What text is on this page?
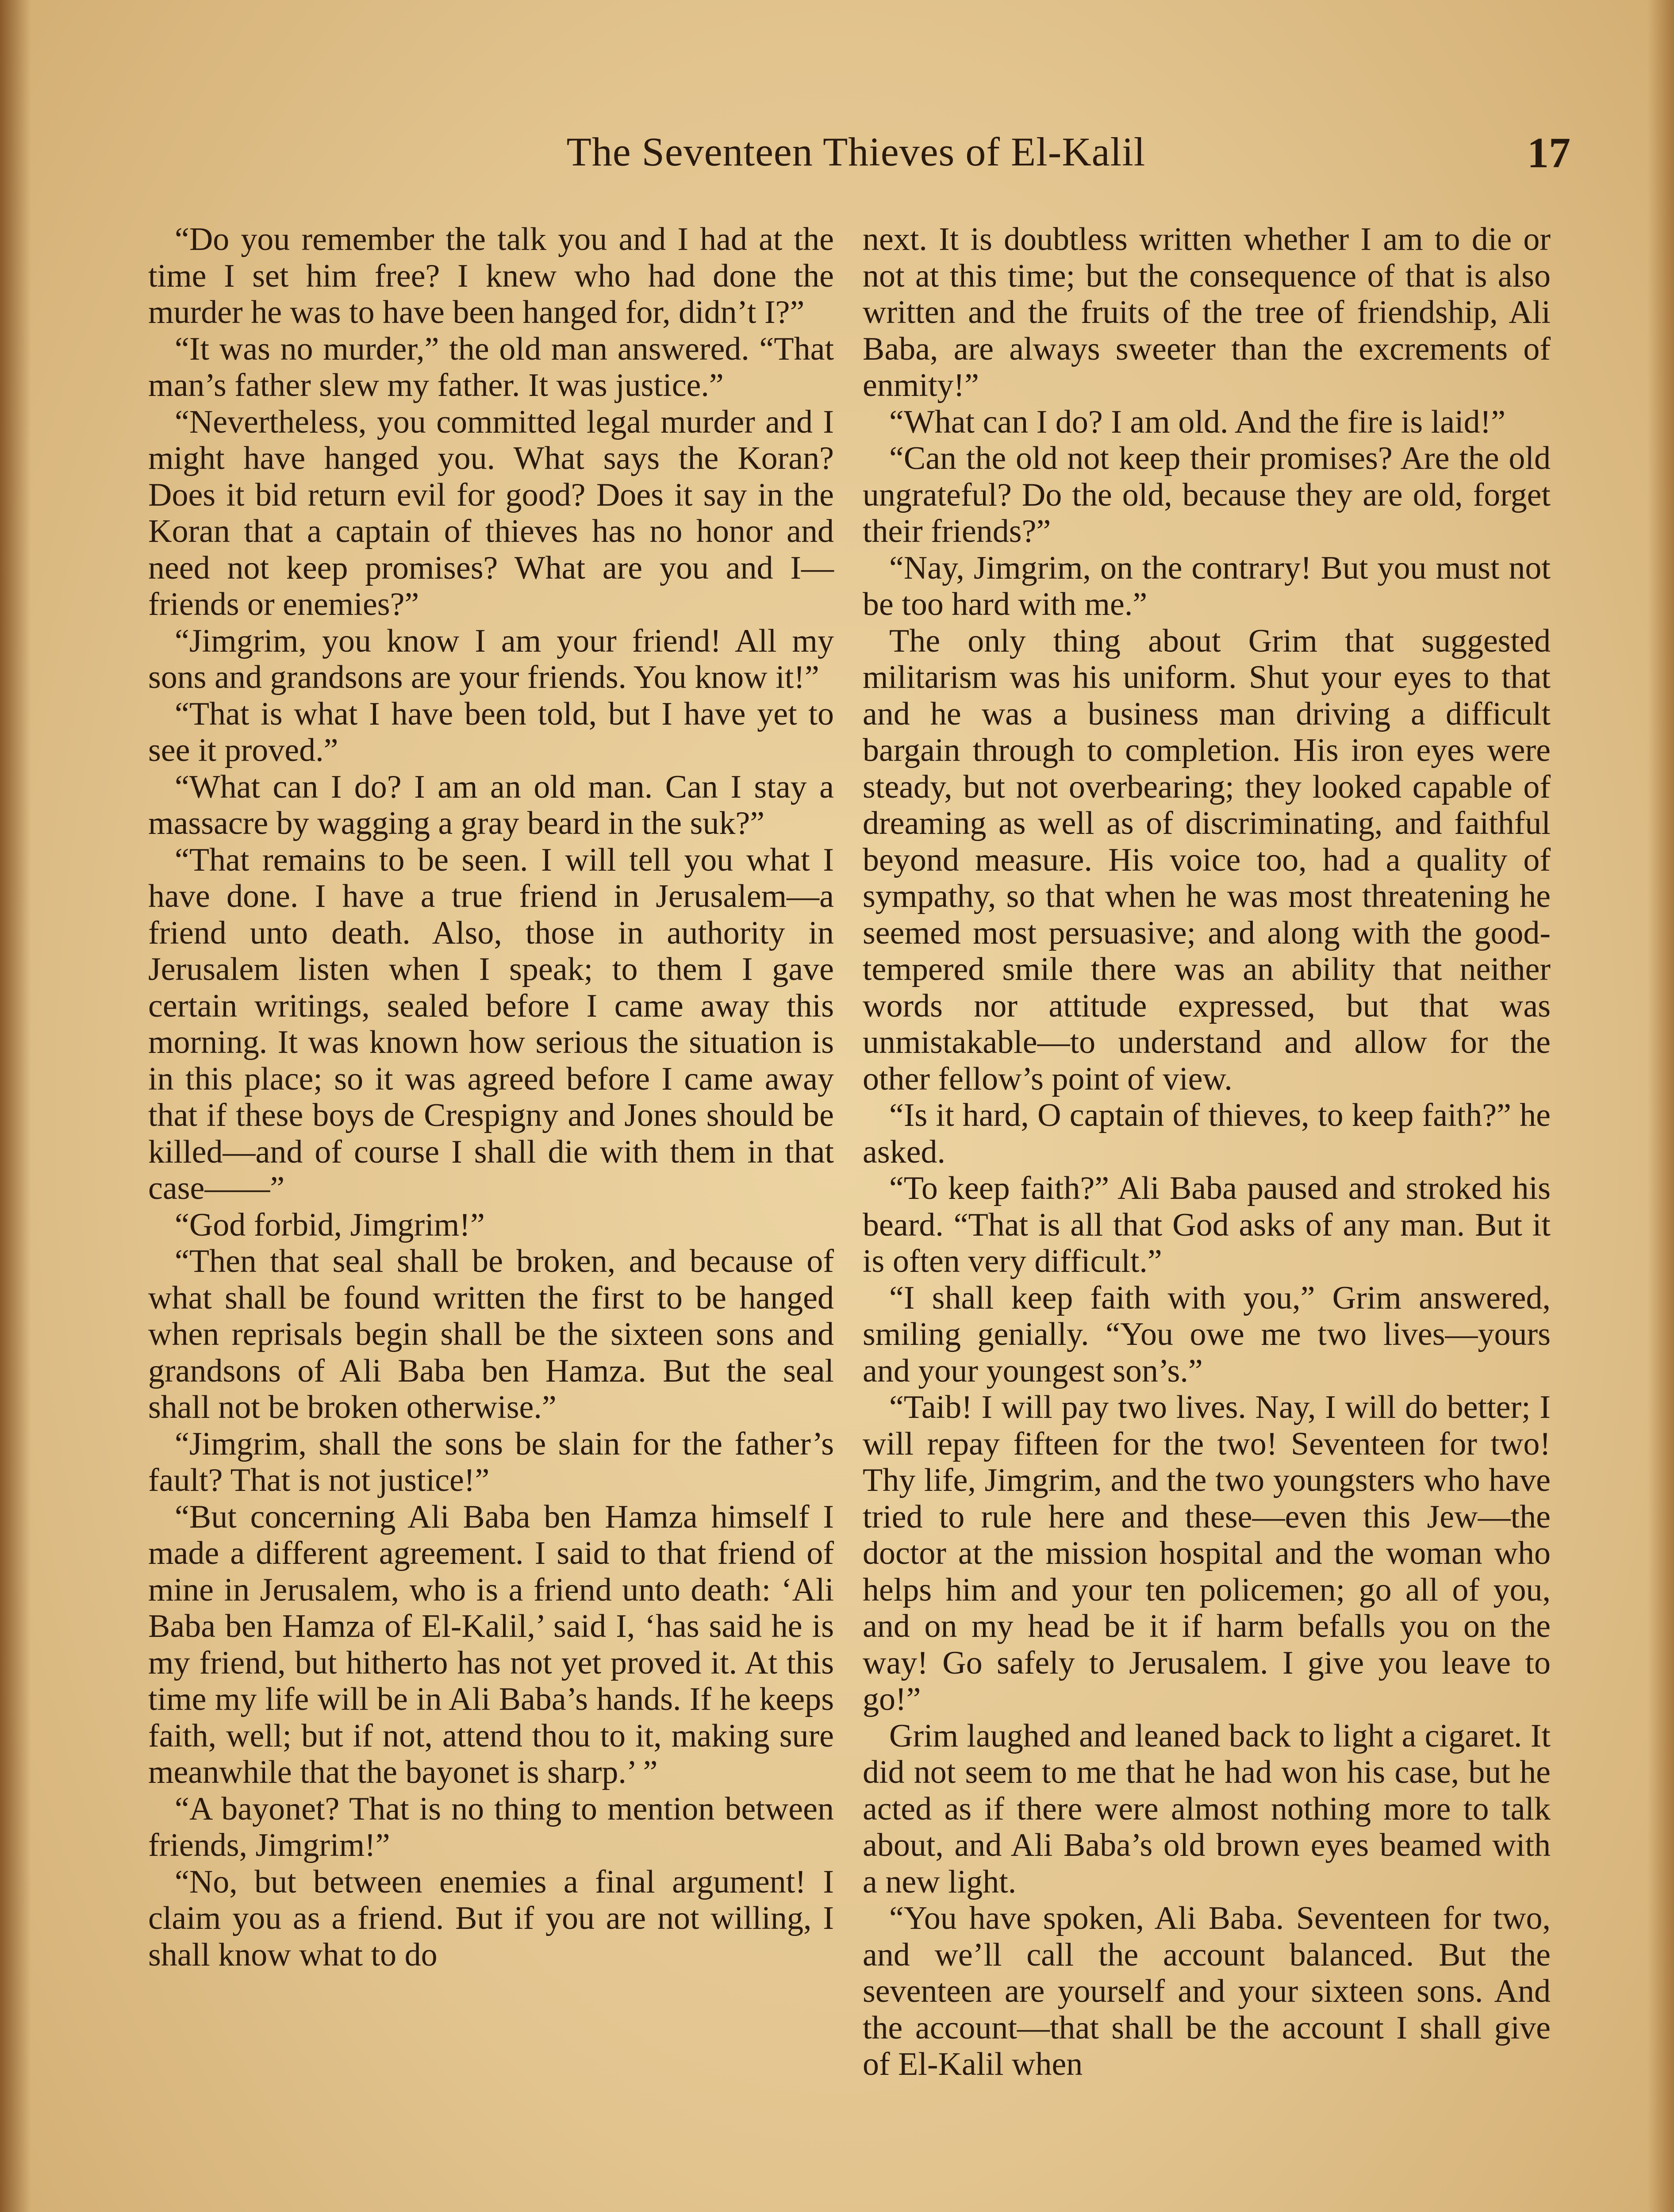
The Seventeen Thieves of El-Kalil	17

“Do you remember the talk you and I had at the time I set him free? I knew who had done the murder he was to have been hanged for, didn’t I?”

“It was no murder,” the old man answered. “That man’s father slew my father. It was justice.”

“Nevertheless, you committed legal murder and I might have hanged you. What says the Koran? Does it bid return evil for good? Does it say in the Koran that a captain of thieves has no honor and need not keep promises? What are you and I—friends or enemies?”

“Jimgrim, you know I am your friend! All my sons and grandsons are your friends. You know it!”

“That is what I have been told, but I have yet to see it proved.”

“What can I do? I am an old man. Can I stay a massacre by wagging a gray beard in the suk?”

“That remains to be seen. I will tell you what I have done. I have a true friend in Jerusalem—a friend unto death. Also, those in authority in Jerusalem listen when I speak; to them I gave certain writings, sealed before I came away this morning. It was known how serious the situation is in this place; so it was agreed before I came away that if these boys de Crespigny and Jones should be killed—and of course I shall die with them in that case——”

“God forbid, Jimgrim!”

“Then that seal shall be broken, and because of what shall be found written the first to be hanged when reprisals begin shall be the sixteen sons and grandsons of Ali Baba ben Hamza. But the seal shall not be broken otherwise.”

“Jimgrim, shall the sons be slain for the father’s fault? That is not justice!”

“But concerning Ali Baba ben Hamza himself I made a different agreement. I said to that friend of mine in Jerusalem, who is a friend unto death: ‘Ali Baba ben Hamza of El-Kalil,’ said I, ‘has said he is my friend, but hitherto has not yet proved it. At this time my life will be in Ali Baba’s hands. If he keeps faith, well; but if not, attend thou to it, making sure meanwhile that the bayonet is sharp.’ ”

“A bayonet? That is no thing to mention between friends, Jimgrim!”

“No, but between enemies a final argument! I claim you as a friend. But if you are not willing, I shall know what to do

next. It is doubtless written whether I am to die or not at this time; but the consequence of that is also written and the fruits of the tree of friendship, Ali Baba, are always sweeter than the excrements of enmity!”

“What can I do? I am old. And the fire is laid!”

“Can the old not keep their promises? Are the old ungrateful? Do the old, because they are old, forget their friends?”

“Nay, Jimgrim, on the contrary! But you must not be too hard with me.”

The only thing about Grim that suggested militarism was his uniform. Shut your eyes to that and he was a business man driving a difficult bargain through to completion. His iron eyes were steady, but not overbearing; they looked capable of dreaming as well as of discriminating, and faithful beyond measure. His voice too, had a quality of sympathy, so that when he was most threatening he seemed most persuasive; and along with the good-tempered smile there was an ability that neither words nor attitude expressed, but that was unmistakable—to understand and allow for the other fellow’s point of view.

“Is it hard, O captain of thieves, to keep faith?” he asked.

“To keep faith?” Ali Baba paused and stroked his beard. “That is all that God asks of any man. But it is often very difficult.”

“I shall keep faith with you,” Grim answered, smiling genially. “You owe me two lives—yours and your youngest son’s.”

“Taib! I will pay two lives. Nay, I will do better; I will repay fifteen for the two! Seventeen for two! Thy life, Jimgrim, and the two youngsters who have tried to rule here and these—even this Jew—the doctor at the mission hospital and the woman who helps him and your ten policemen; go all of you, and on my head be it if harm befalls you on the way! Go safely to Jerusalem. I give you leave to go!”

Grim laughed and leaned back to light a cigaret. It did not seem to me that he had won his case, but he acted as if there were almost nothing more to talk about, and Ali Baba’s old brown eyes beamed with a new light.

“You have spoken, Ali Baba. Seventeen for two, and we’ll call the account balanced. But the seventeen are yourself and your sixteen sons. And the account—that shall be the account I shall give of El-Kalil when
